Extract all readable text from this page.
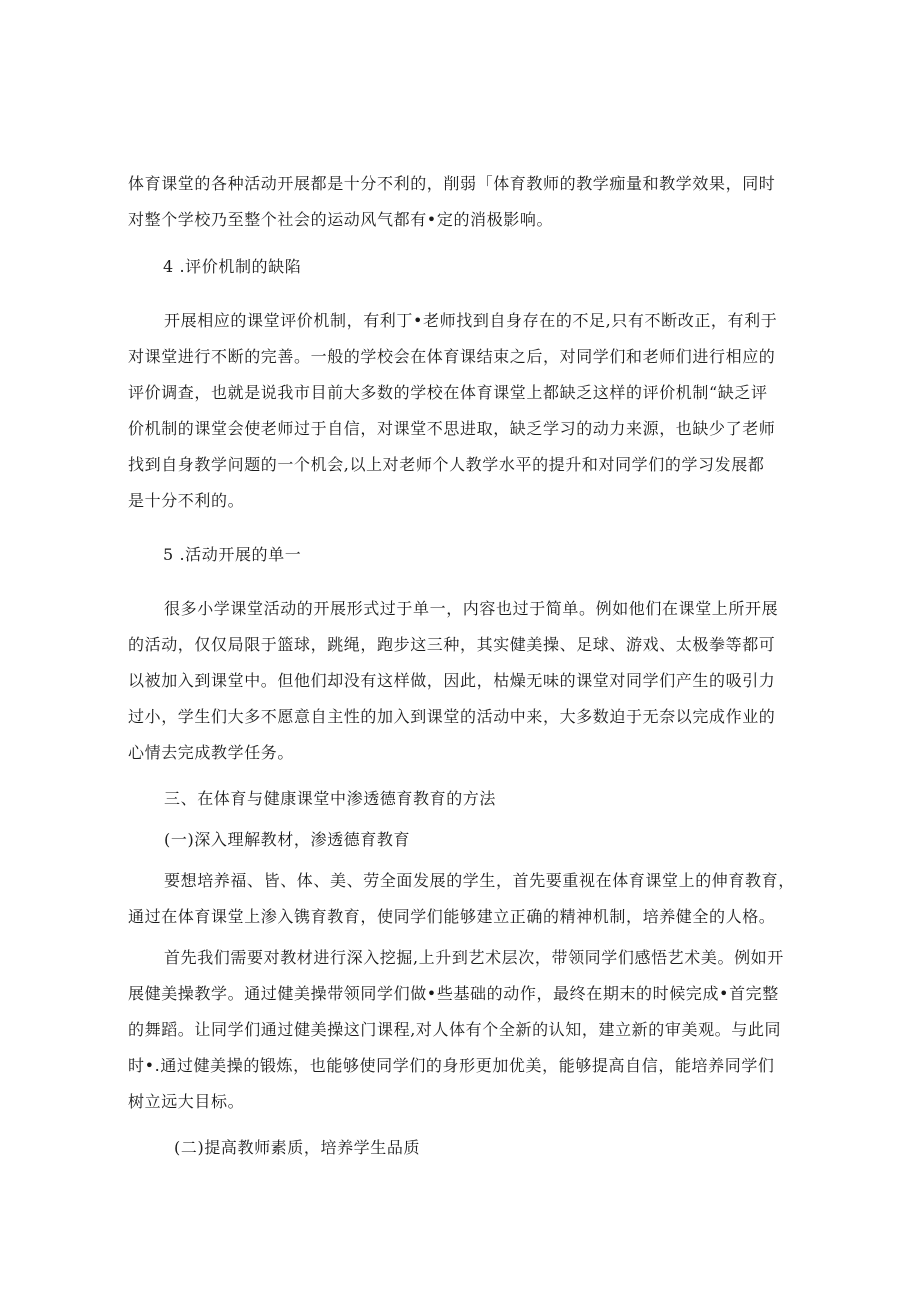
体育课堂的各种活动开展都是十分不利的，削弱「体育教师的教学痂量和教学效果，同时
对整个学校乃至整个社会的运动风气都有•定的消极影响。
4 .评价机制的缺陷
开展相应的课堂评价机制，有利丁•老师找到自身存在的不足,只有不断改正，有利于
对课堂进行不断的完善。一般的学校会在体育课结束之后，对同学们和老师们进行相应的
评价调查，也就是说我市目前大多数的学校在体育课堂上都缺乏这样的评价机制“缺乏评
价机制的课堂会使老师过于自信，对课堂不思进取，缺乏学习的动力来源，也缺少了老师
找到自身教学问题的一个机会,以上对老师个人教学水平的提升和对同学们的学习发展都
是十分不利的。
5 .活动开展的单一
很多小学课堂活动的开展形式过于单一，内容也过于简单。例如他们在课堂上所开展
的活动，仅仅局限于篮球，跳绳，跑步这三种，其实健美操、足球、游戏、太极拳等都可
以被加入到课堂中。但他们却没有这样做，因此，枯燥无味的课堂对同学们产生的吸引力
过小，学生们大多不愿意自主性的加入到课堂的活动中来，大多数迫于无奈以完成作业的
心情去完成教学任务。
三、在体育与健康课堂中渗透德育教育的方法
(一)深入理解教材，渗透德育教育
要想培养福、皆、体、美、劳全面发展的学生，首先要重视在体育课堂上的伸育教育，
通过在体育课堂上渗入镌育教育，使同学们能够建立正确的精神机制，培养健全的人格。
首先我们需要对教材进行深入挖掘,上升到艺术层次，带领同学们感悟艺术美。例如开
展健美操教学。通过健美操带领同学们做•些基础的动作，最终在期末的时候完成•首完整
的舞蹈。让同学们通过健美操这门课程,对人体有个全新的认知，建立新的审美观。与此同
时•.通过健美操的锻炼，也能够使同学们的身形更加优美，能够提高自信，能培养同学们
树立远大目标。
(二)提高教师素质，培养学生品质
